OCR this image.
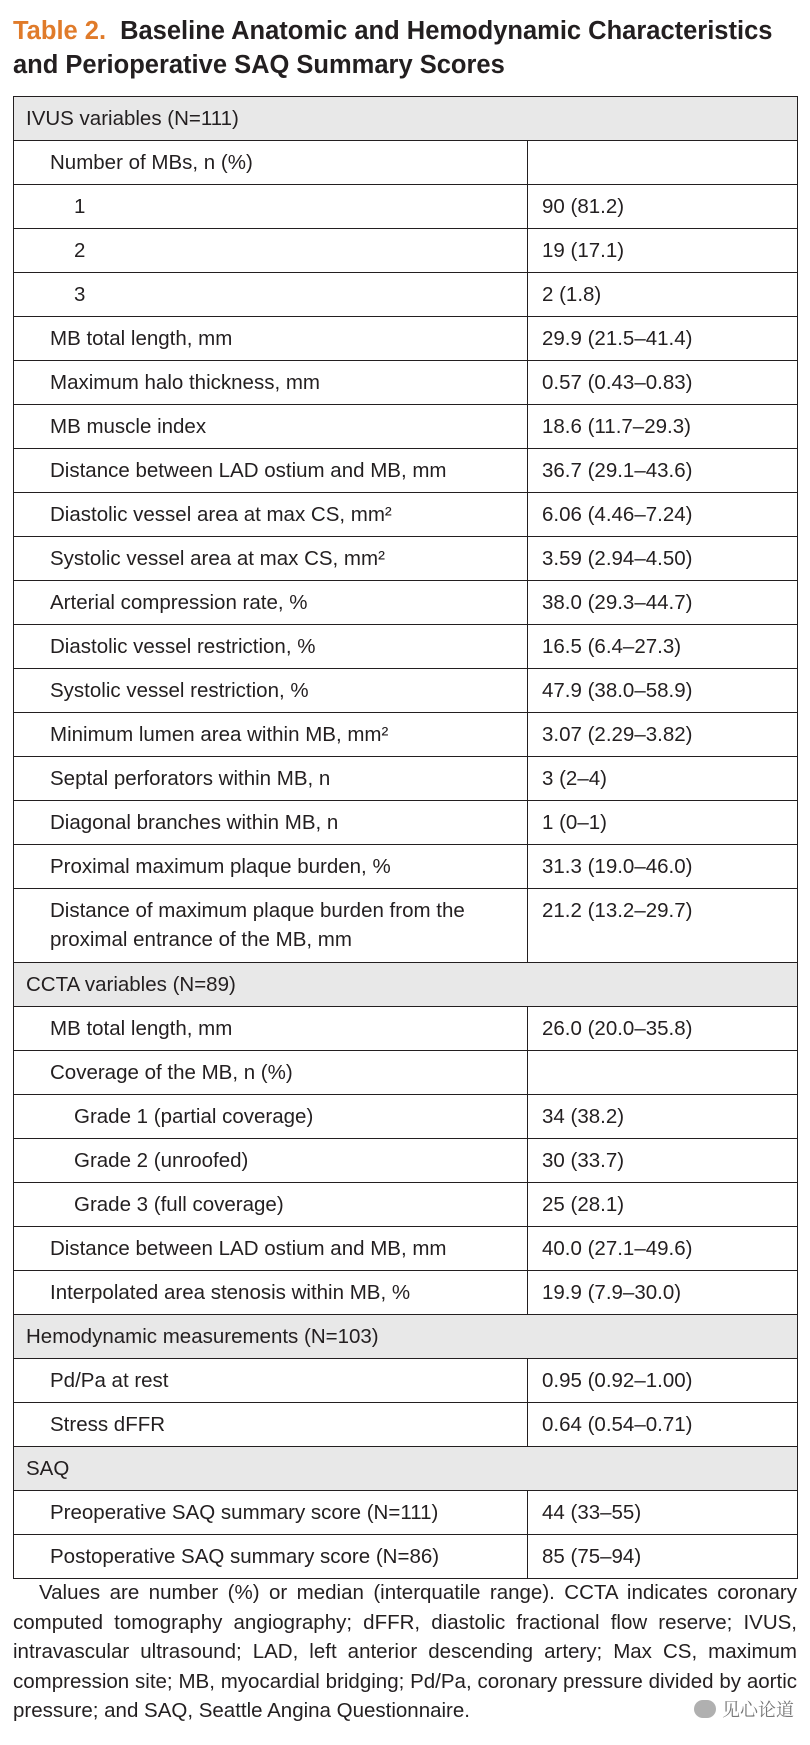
Table 2. Baseline Anatomic and Hemodynamic Characteristics and Perioperative SAQ Summary Scores
IVUS variables (N=111)	
Number of MBs, n (%)	
1	90 (81.2)
2	19 (17.1)
3	2 (1.8)
MB total length, mm	29.9 (21.5–41.4)
Maximum halo thickness, mm	0.57 (0.43–0.83)
MB muscle index	18.6 (11.7–29.3)
Distance between LAD ostium and MB, mm	36.7 (29.1–43.6)
Diastolic vessel area at max CS, mm²	6.06 (4.46–7.24)
Systolic vessel area at max CS, mm²	3.59 (2.94–4.50)
Arterial compression rate, %	38.0 (29.3–44.7)
Diastolic vessel restriction, %	16.5 (6.4–27.3)
Systolic vessel restriction, %	47.9 (38.0–58.9)
Minimum lumen area within MB, mm²	3.07 (2.29–3.82)
Septal perforators within MB, n	3 (2–4)
Diagonal branches within MB, n	1 (0–1)
Proximal maximum plaque burden, %	31.3 (19.0–46.0)
Distance of maximum plaque burden from the proximal entrance of the MB, mm	21.2 (13.2–29.7)
CCTA variables (N=89)	
MB total length, mm	26.0 (20.0–35.8)
Coverage of the MB, n (%)	
Grade 1 (partial coverage)	34 (38.2)
Grade 2 (unroofed)	30 (33.7)
Grade 3 (full coverage)	25 (28.1)
Distance between LAD ostium and MB, mm	40.0 (27.1–49.6)
Interpolated area stenosis within MB, %	19.9 (7.9–30.0)
Hemodynamic measurements (N=103)	
Pd/Pa at rest	0.95 (0.92–1.00)
Stress dFFR	0.64 (0.54–0.71)
SAQ	
Preoperative SAQ summary score (N=111)	44 (33–55)
Postoperative SAQ summary score (N=86)	85 (75–94)
Values are number (%) or median (interquatile range). CCTA indicates coronary computed tomography angiography; dFFR, diastolic fractional flow reserve; IVUS, intravascular ultrasound; LAD, left anterior descending artery; Max CS, maximum compression site; MB, myocardial bridging; Pd/Pa, coronary pressure divided by aortic pressure; and SAQ, Seattle Angina Questionnaire.	见心论道
